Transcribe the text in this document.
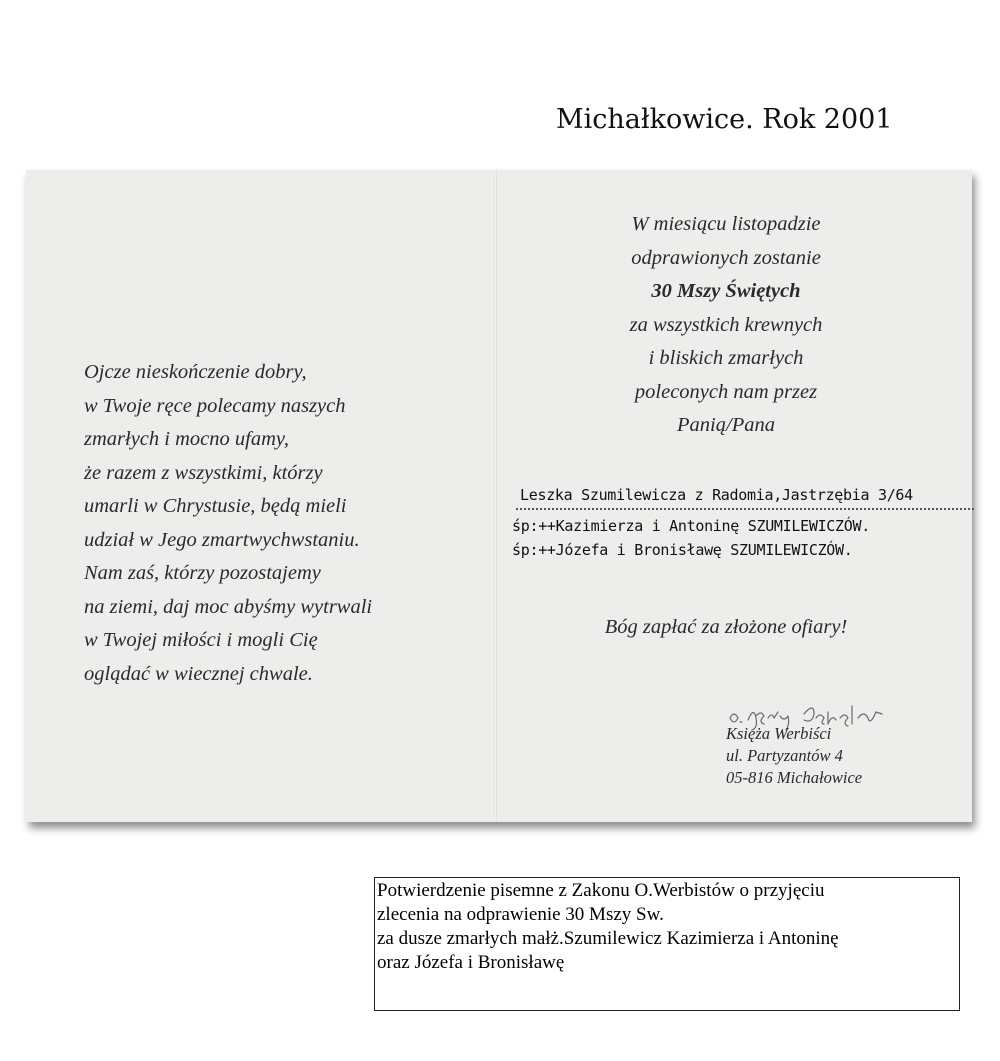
Michałkowice. Rok 2001
Ojcze nieskończenie dobry,
w Twoje ręce polecamy naszych
zmarłych i mocno ufamy,
że razem z wszystkimi, którzy
umarli w Chrystusie, będą mieli
udział w Jego zmartwychwstaniu.
Nam zaś, którzy pozostajemy
na ziemi, daj moc abyśmy wytrwali
w Twojej miłości i mogli Cię
oglądać w wiecznej chwale.
W miesiącu listopadzie
odprawionych zostanie
30 Mszy Świętych
za wszystkich krewnych
i bliskich zmarłych
poleconych nam przez
Panią/Pana
Leszka Szumilewicza z Radomia,Jastrzębia 3/64
śp:++Kazimierza i Antoninę SZUMILEWICZÓW.
śp:++Józefa i Bronisławę SZUMILEWICZÓW.
Bóg zapłać za złożone ofiary!
Księża Werbiści
ul. Partyzantów 4
05-816 Michałowice
Potwierdzenie pisemne z Zakonu O.Werbistów o przyjęciu
zlecenia na odprawienie 30 Mszy Sw.
za dusze zmarłych małż.Szumilewicz Kazimierza i Antoninę
oraz Józefa i Bronisławę
